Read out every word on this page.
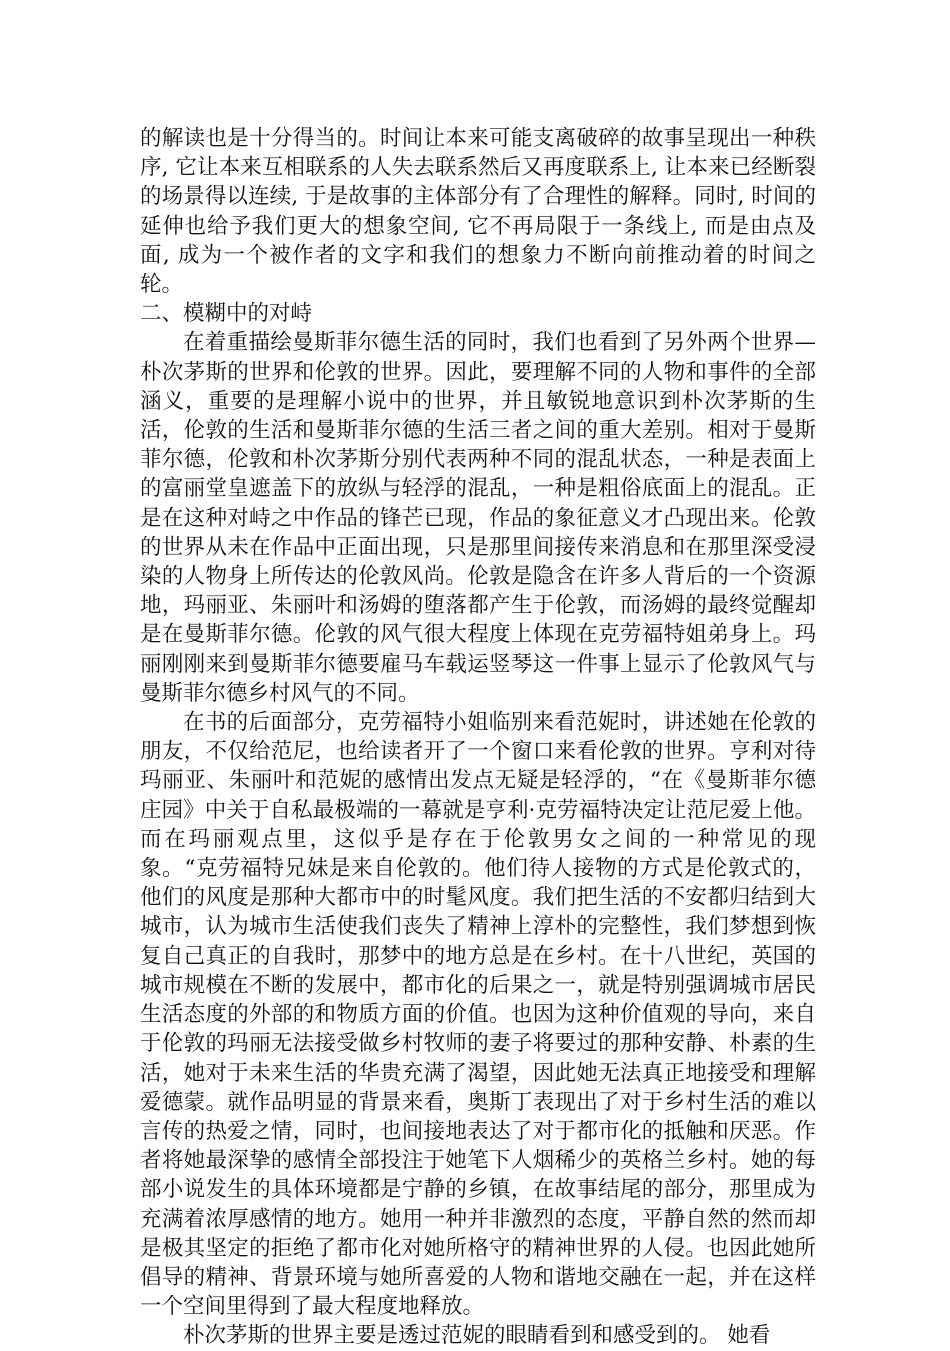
的解读也是十分得当的。时间让本来可能支离破碎的故事呈现出一种秩序, 它让本来互相联系的人失去联系然后又再度联系上, 让本来已经断裂的场景得以连续, 于是故事的主体部分有了合理性的解释。同时, 时间的延伸也给予我们更大的想象空间, 它不再局限于一条线上, 而是由点及面, 成为一个被作者的文字和我们的想象力不断向前推动着的时间之轮。

二、模糊中的对峙

在着重描绘曼斯菲尔德生活的同时，我们也看到了另外两个世界—朴次茅斯的世界和伦敦的世界。因此，要理解不同的人物和事件的全部涵义，重要的是理解小说中的世界，并且敏锐地意识到朴次茅斯的生活，伦敦的生活和曼斯菲尔德的生活三者之间的重大差别。相对于曼斯菲尔德，伦敦和朴次茅斯分别代表两种不同的混乱状态，一种是表面上的富丽堂皇遮盖下的放纵与轻浮的混乱，一种是粗俗底面上的混乱。正是在这种对峙之中作品的锋芒已现，作品的象征意义才凸现出来。伦敦的世界从未在作品中正面出现，只是那里间接传来消息和在那里深受浸染的人物身上所传达的伦敦风尚。伦敦是隐含在许多人背后的一个资源地，玛丽亚、朱丽叶和汤姆的堕落都产生于伦敦，而汤姆的最终觉醒却是在曼斯菲尔德。伦敦的风气很大程度上体现在克劳福特姐弟身上。玛丽刚刚来到曼斯菲尔德要雇马车载运竖琴这一件事上显示了伦敦风气与曼斯菲尔德乡村风气的不同。

在书的后面部分，克劳福特小姐临别来看范妮时，讲述她在伦敦的朋友，不仅给范尼，也给读者开了一个窗口来看伦敦的世界。亨利对待玛丽亚、朱丽叶和范妮的感情出发点无疑是轻浮的，“在《曼斯菲尔德庄园》中关于自私最极端的一幕就是亨利·克劳福特决定让范尼爱上他。而在玛丽观点里，这似乎是存在于伦敦男女之间的一种常见的现象。“克劳福特兄妹是来自伦敦的。他们待人接物的方式是伦敦式的，他们的风度是那种大都市中的时髦风度。我们把生活的不安都归结到大城市，认为城市生活使我们丧失了精神上淳朴的完整性，我们梦想到恢复自己真正的自我时，那梦中的地方总是在乡村。在十八世纪，英国的城市规模在不断的发展中，都市化的后果之一，就是特别强调城市居民生活态度的外部的和物质方面的价值。也因为这种价值观的导向，来自于伦敦的玛丽无法接受做乡村牧师的妻子将要过的那种安静、朴素的生活，她对于未来生活的华贵充满了渴望，因此她无法真正地接受和理解爱德蒙。就作品明显的背景来看，奥斯丁表现出了对于乡村生活的难以言传的热爱之情，同时，也间接地表达了对于都市化的抵触和厌恶。作者将她最深挚的感情全部投注于她笔下人烟稀少的英格兰乡村。她的每部小说发生的具体环境都是宁静的乡镇，在故事结尾的部分，那里成为充满着浓厚感情的地方。她用一种并非激烈的态度，平静自然的然而却是极其坚定的拒绝了都市化对她所格守的精神世界的人侵。也因此她所倡导的精神、背景环境与她所喜爱的人物和谐地交融在一起，并在这样一个空间里得到了最大程度地释放。

朴次茅斯的世界主要是透过范妮的眼睛看到和感受到的。 她看
